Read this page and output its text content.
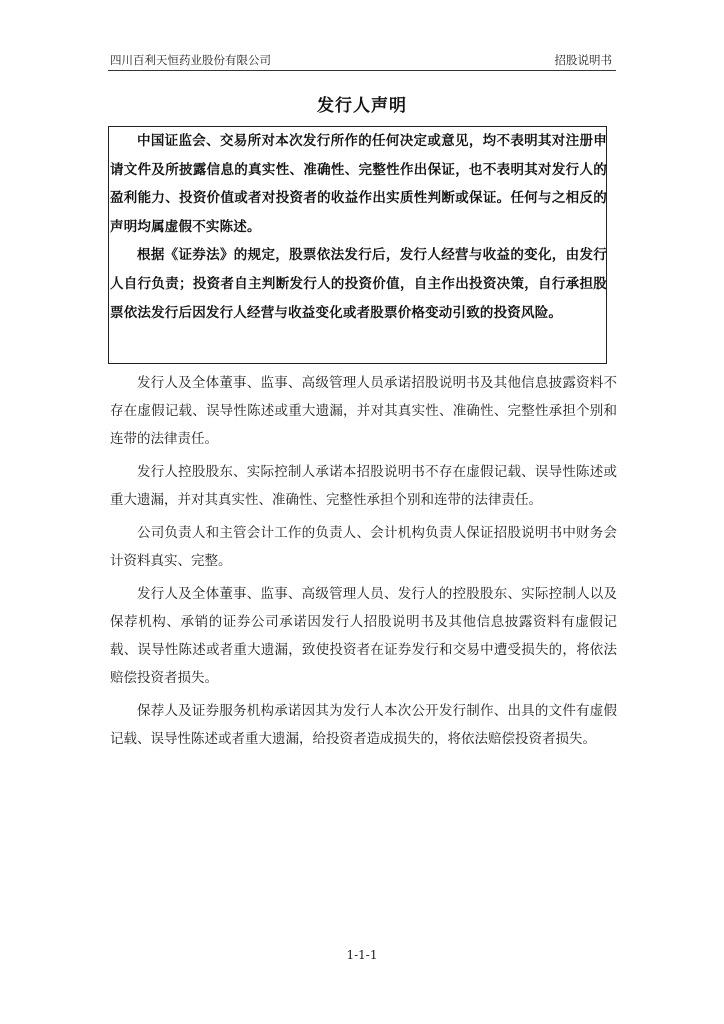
四川百利天恒药业股份有限公司	招股说明书
发行人声明

中国证监会、交易所对本次发行所作的任何决定或意见，均不表明其对注册申请文件及所披露信息的真实性、准确性、完整性作出保证，也不表明其对发行人的盈利能力、投资价值或者对投资者的收益作出实质性判断或保证。任何与之相反的声明均属虚假不实陈述。

根据《证券法》的规定，股票依法发行后，发行人经营与收益的变化，由发行人自行负责；投资者自主判断发行人的投资价值，自主作出投资决策，自行承担股票依法发行后因发行人经营与收益变化或者股票价格变动引致的投资风险。

发行人及全体董事、监事、高级管理人员承诺招股说明书及其他信息披露资料不存在虚假记载、误导性陈述或重大遗漏，并对其真实性、准确性、完整性承担个别和连带的法律责任。

发行人控股股东、实际控制人承诺本招股说明书不存在虚假记载、误导性陈述或重大遗漏，并对其真实性、准确性、完整性承担个别和连带的法律责任。

公司负责人和主管会计工作的负责人、会计机构负责人保证招股说明书中财务会计资料真实、完整。

发行人及全体董事、监事、高级管理人员、发行人的控股股东、实际控制人以及保荐机构、承销的证券公司承诺因发行人招股说明书及其他信息披露资料有虚假记载、误导性陈述或者重大遗漏，致使投资者在证券发行和交易中遭受损失的，将依法赔偿投资者损失。

保荐人及证券服务机构承诺因其为发行人本次公开发行制作、出具的文件有虚假记载、误导性陈述或者重大遗漏，给投资者造成损失的，将依法赔偿投资者损失。

1-1-1
